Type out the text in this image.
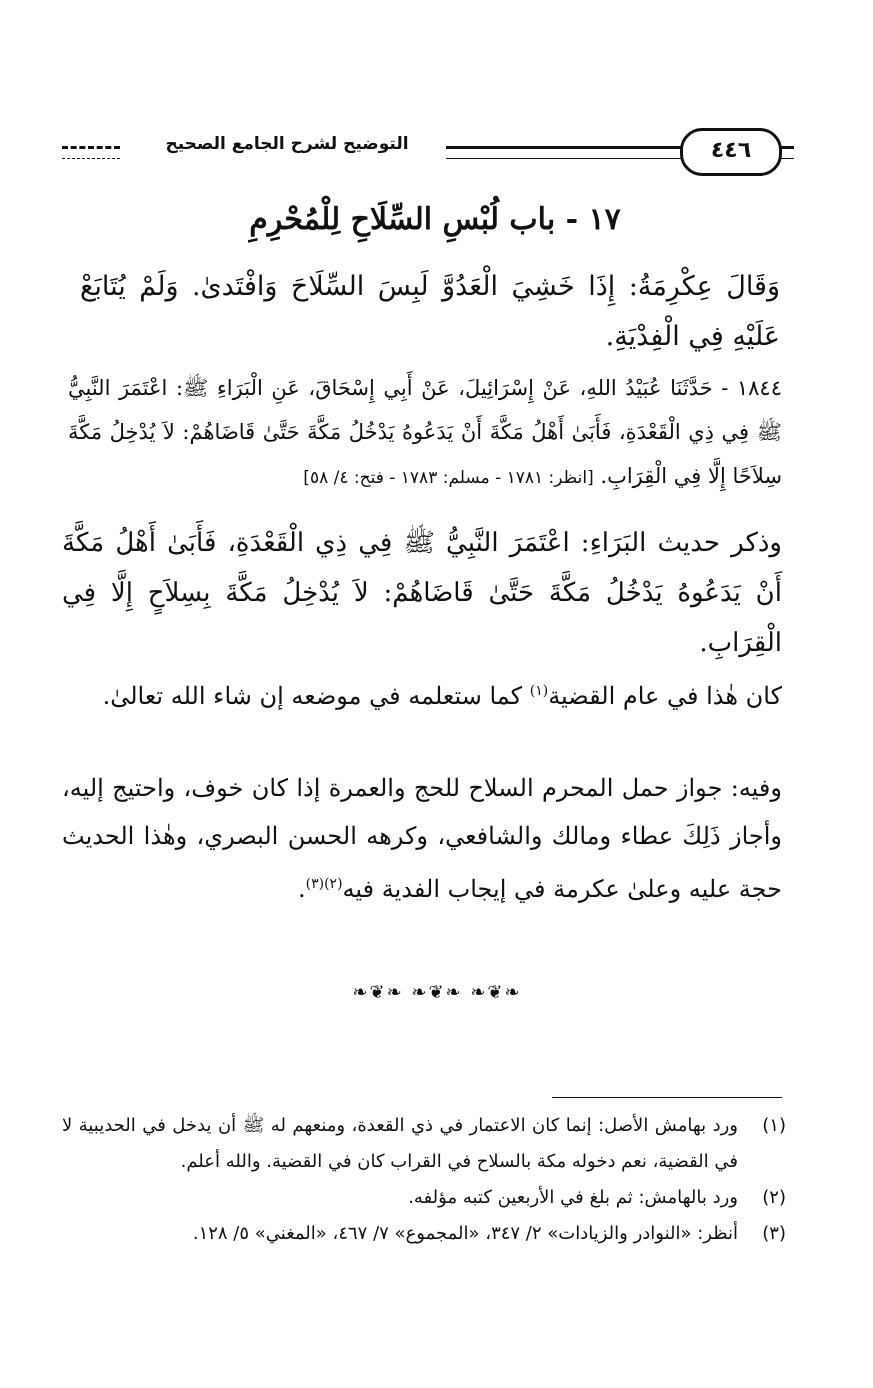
التوضيح لشرح الجامع الصحيح	٤٤٦
١٧ - باب لُبْسِ السِّلَاحِ لِلْمُحْرِمِ
وَقَالَ عِكْرِمَةُ: إِذَا خَشِيَ الْعَدُوَّ لَبِسَ السِّلَاحَ وَافْتَدىٰ. وَلَمْ يُتَابَعْ عَلَيْهِ فِي الْفِدْيَةِ.
١٨٤٤ - حَدَّثَنَا عُبَيْدُ اللهِ، عَنْ إِسْرَائِيلَ، عَنْ أَبِي إِسْحَاقَ، عَنِ الْبَرَاءِ ﷺ: اعْتَمَرَ النَّبِيُّ ﷺ فِي ذِي الْقَعْدَةِ، فَأَبَىٰ أَهْلُ مَكَّةَ أَنْ يَدَعُوهُ يَدْخُلُ مَكَّةَ حَتَّىٰ قَاضَاهُمْ: لاَ يُدْخِلُ مَكَّةَ سِلاَحًا إِلَّا فِي الْقِرَابِ. [انظر: ١٧٨١ - مسلم: ١٧٨٣ - فتح: ٤/ ٥٨]
وذكر حديث البَرَاءِ: اعْتَمَرَ النَّبِيُّ ﷺ فِي ذِي الْقَعْدَةِ، فَأَبَىٰ أَهْلُ مَكَّةَ أَنْ يَدَعُوهُ يَدْخُلُ مَكَّةَ حَتَّىٰ قَاضَاهُمْ: لاَ يُدْخِلُ مَكَّةَ بِسِلاَحٍ إِلَّا فِي الْقِرَابِ.
كان هٰذا في عام القضية$^{(١)}$ كما ستعلمه في موضعه إن شاء الله تعالىٰ.
وفيه: جواز حمل المحرم السلاح للحج والعمرة إذا كان خوف، واحتيج إليه، وأجاز ذَلِكَ عطاء ومالك والشافعي، وكرهه الحسن البصري، وهٰذا الحديث حجة عليه وعلىٰ عكرمة في إيجاب الفدية فيه$^{(٢)(٣)}$.
❧❦❧ ❧❦❧ ❧❦❧
(١)
ورد بهامش الأصل: إنما كان الاعتمار في ذي القعدة، ومنعهم له ﷺ أن يدخل في الحديبية لا في القضية، نعم دخوله مكة بالسلاح في القراب كان في القضية. والله أعلم.
(٢)
ورد بالهامش: ثم بلغ في الأربعين كتبه مؤلفه.
(٣)
أنظر: «النوادر والزيادات» ٢/ ٣٤٧، «المجموع» ٧/ ٤٦٧، «المغني» ٥/ ١٢٨.
